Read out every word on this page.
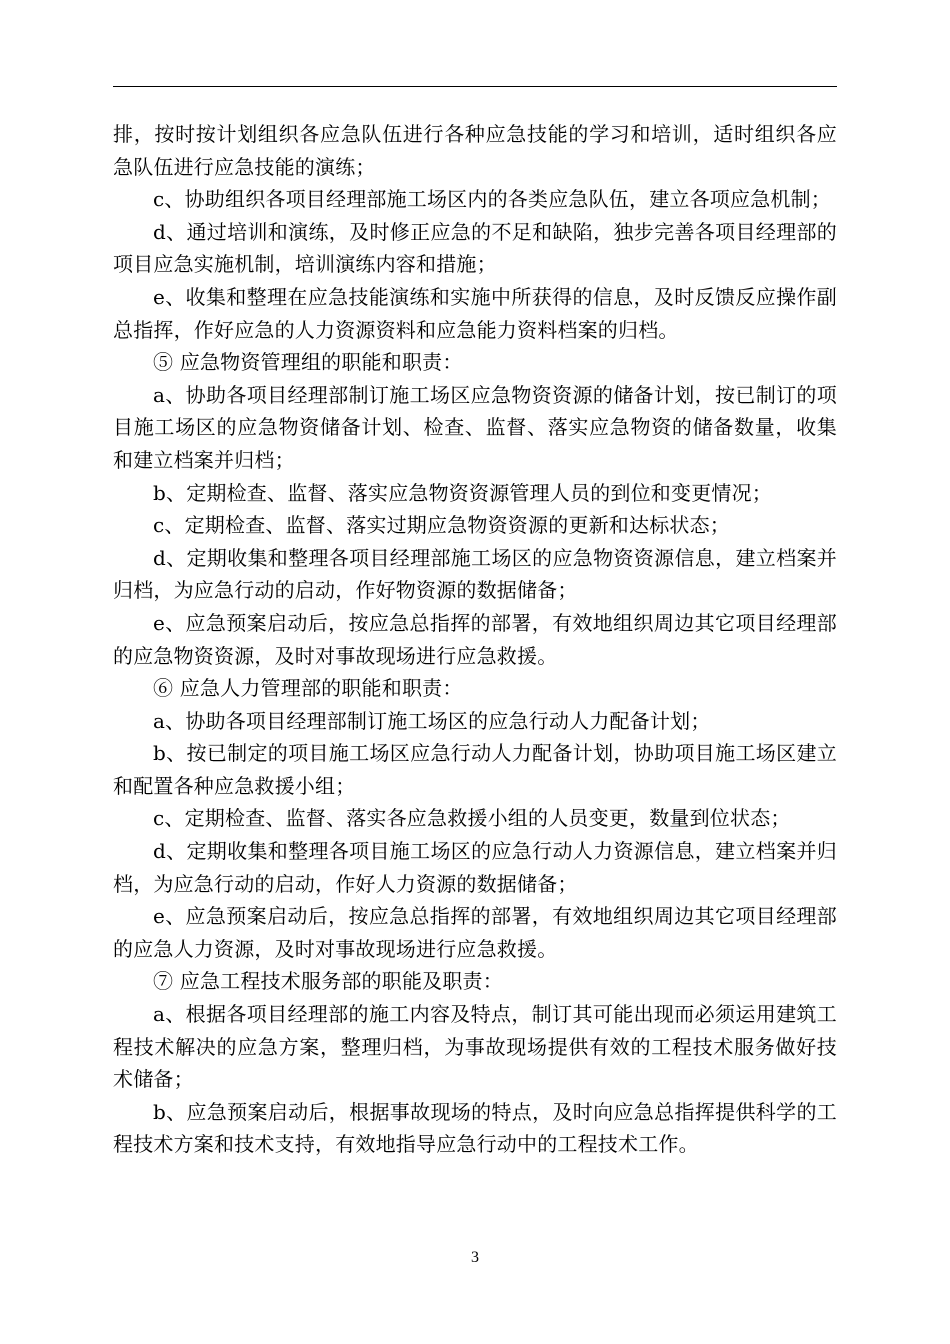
排，按时按计划组织各应急队伍进行各种应急技能的学习和培训，适时组织各应急队伍进行应急技能的演练；

c、协助组织各项目经理部施工场区内的各类应急队伍，建立各项应急机制；

d、通过培训和演练，及时修正应急的不足和缺陷，独步完善各项目经理部的项目应急实施机制，培训演练内容和措施；

e、收集和整理在应急技能演练和实施中所获得的信息，及时反馈反应操作副总指挥，作好应急的人力资源资料和应急能力资料档案的归档。

⑤ 应急物资管理组的职能和职责：

a、协助各项目经理部制订施工场区应急物资资源的储备计划，按已制订的项目施工场区的应急物资储备计划、检查、监督、落实应急物资的储备数量，收集和建立档案并归档；

b、定期检查、监督、落实应急物资资源管理人员的到位和变更情况；

c、定期检查、监督、落实过期应急物资资源的更新和达标状态；

d、定期收集和整理各项目经理部施工场区的应急物资资源信息，建立档案并归档，为应急行动的启动，作好物资源的数据储备；

e、应急预案启动后，按应急总指挥的部署，有效地组织周边其它项目经理部的应急物资资源，及时对事故现场进行应急救援。

⑥ 应急人力管理部的职能和职责：

a、协助各项目经理部制订施工场区的应急行动人力配备计划；

b、按已制定的项目施工场区应急行动人力配备计划，协助项目施工场区建立和配置各种应急救援小组；

c、定期检查、监督、落实各应急救援小组的人员变更，数量到位状态；

d、定期收集和整理各项目施工场区的应急行动人力资源信息，建立档案并归档，为应急行动的启动，作好人力资源的数据储备；

e、应急预案启动后，按应急总指挥的部署，有效地组织周边其它项目经理部的应急人力资源，及时对事故现场进行应急救援。

⑦ 应急工程技术服务部的职能及职责：

a、根据各项目经理部的施工内容及特点，制订其可能出现而必须运用建筑工程技术解决的应急方案，整理归档，为事故现场提供有效的工程技术服务做好技术储备；

b、应急预案启动后，根据事故现场的特点，及时向应急总指挥提供科学的工程技术方案和技术支持，有效地指导应急行动中的工程技术工作。

3
